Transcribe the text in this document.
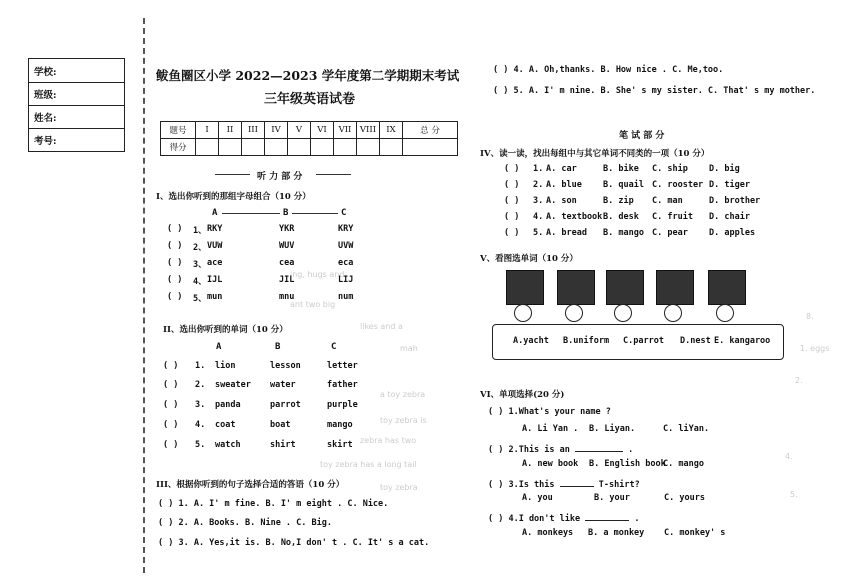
学校:
班级:
姓名:
考号:
ing, hugs and
ant two big
likes and a
mah
a toy zebra
toy zebra is
zebra has two
toy zebra has a long tail
toy zebra
8.
1. eggs
2.
4.
5.
鲅鱼圈区小学 2022—2023 学年度第二学期期末考试
三年级英语试卷
题号	I	II	III	IV	V	VI	VII	VIII	IX	总 分
得分										
听 力 部 分
I、选出你听到的那组字母组合（10 分）
A	B	C
II、选出你听到的单词（10 分）
A	B	C
III、根据你听到的句子选择合适的答语（10 分）
( ) 1. A. I' m fine. B. I' m eight . C. Nice.
( ) 2. A. Books. B. Nine . C. Big.
( ) 3. A. Yes,it is. B. No,I don' t . C. It' s a cat.
( ) 4. A. Oh,thanks. B. How nice . C. Me,too.
( ) 5. A. I' m nine. B. She' s my sister. C. That' s my mother.
笔 试 部 分
IV、读一读，找出每组中与其它单词不同类的一项（10 分）
V、看图选单词（10 分）
A.yacht B.uniform C.parrot D.nest E. kangaroo
VI、单项选择(20 分)
( ) 1.What's your name ?
A. Li Yan . B. Liyan.	C. liYan.
( ) 2.This is an	.
A. new book B. English book
C. mango
( ) 3.Is this	T-shirt?
A. you	B. your	C. yours
( ) 4.I don't like	.
A. monkeys B. a monkey C. monkey' s
( ) 1、 RKY	YKR	KRY
( ) 2、 VUW	WUV	UVW
( ) 3、 ace	cea	eca
( ) 4、 IJL	JIL	LIJ
( ) 5、 mun	mnu	num
( ) 1. lion	lesson	letter
( ) 2. sweater water	father
( ) 3. panda	parrot	purple
( ) 4. coat	boat	mango
( ) 5. watch	shirt	skirt
( ) 1. A. car	B. bike C. ship D. big
( ) 2. A. blue B. quail C. rooster D. tiger
( ) 3. A. son	B. zip C. man	D. brother
( ) 4. A. textbook B. desk C. fruit D. chair
( ) 5. A. bread B. mango C. pear D. apples
